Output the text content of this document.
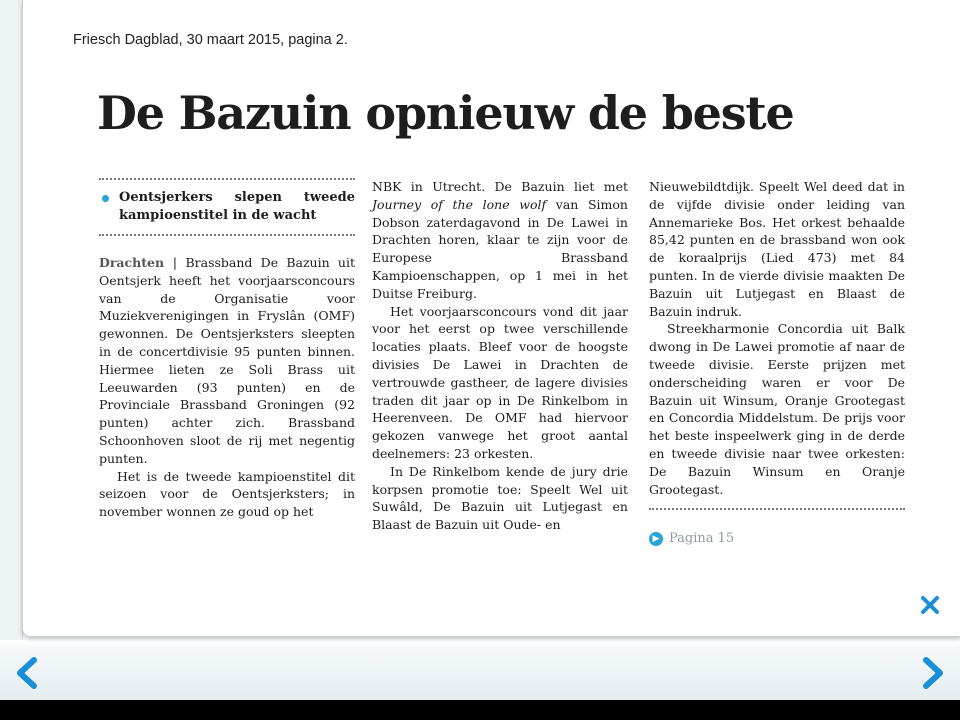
Friesch Dagblad, 30 maart 2015, pagina 2.

De Bazuin opnieuw de beste

Oentsjerkers slepen tweede kampioenstitel in de wacht

Drachten | Brassband De Bazuin uit Oentsjerk heeft het voorjaarsconcours van de Organisatie voor Muziekverenigingen in Fryslân (OMF) gewonnen. De Oentsjerksters sleepten in de concertdivisie 95 punten binnen. Hiermee lieten ze Soli Brass uit Leeuwarden (93 punten) en de Provinciale Brassband Groningen (92 punten) achter zich. Brassband Schoonhoven sloot de rij met negentig punten.

Het is de tweede kampioenstitel dit seizoen voor de Oentsjerksters; in november wonnen ze goud op het

NBK in Utrecht. De Bazuin liet met Journey of the lone wolf van Simon Dobson zaterdagavond in De Lawei in Drachten horen, klaar te zijn voor de Europese Brassband Kampioenschappen, op 1 mei in het Duitse Freiburg.

Het voorjaarsconcours vond dit jaar voor het eerst op twee verschillende locaties plaats. Bleef voor de hoogste divisies De Lawei in Drachten de vertrouwde gastheer, de lagere divisies traden dit jaar op in De Rinkelbom in Heerenveen. De OMF had hiervoor gekozen vanwege het groot aantal deelnemers: 23 orkesten.

In De Rinkelbom kende de jury drie korpsen promotie toe: Speelt Wel uit Suwâld, De Bazuin uit Lutjegast en Blaast de Bazuin uit Oude- en

Nieuwebildtdijk. Speelt Wel deed dat in de vijfde divisie onder leiding van Annemarieke Bos. Het orkest behaalde 85,42 punten en de brassband won ook de koraalprijs (Lied 473) met 84 punten. In de vierde divisie maakten De Bazuin uit Lutjegast en Blaast de Bazuin indruk.

Streekharmonie Concordia uit Balk dwong in De Lawei promotie af naar de tweede divisie. Eerste prijzen met onderscheiding waren er voor De Bazuin uit Winsum, Oranje Grootegast en Concordia Middelstum. De prijs voor het beste inspeelwerk ging in de derde en tweede divisie naar twee orkesten: De Bazuin Winsum en Oranje Grootegast.

▶ Pagina 15
